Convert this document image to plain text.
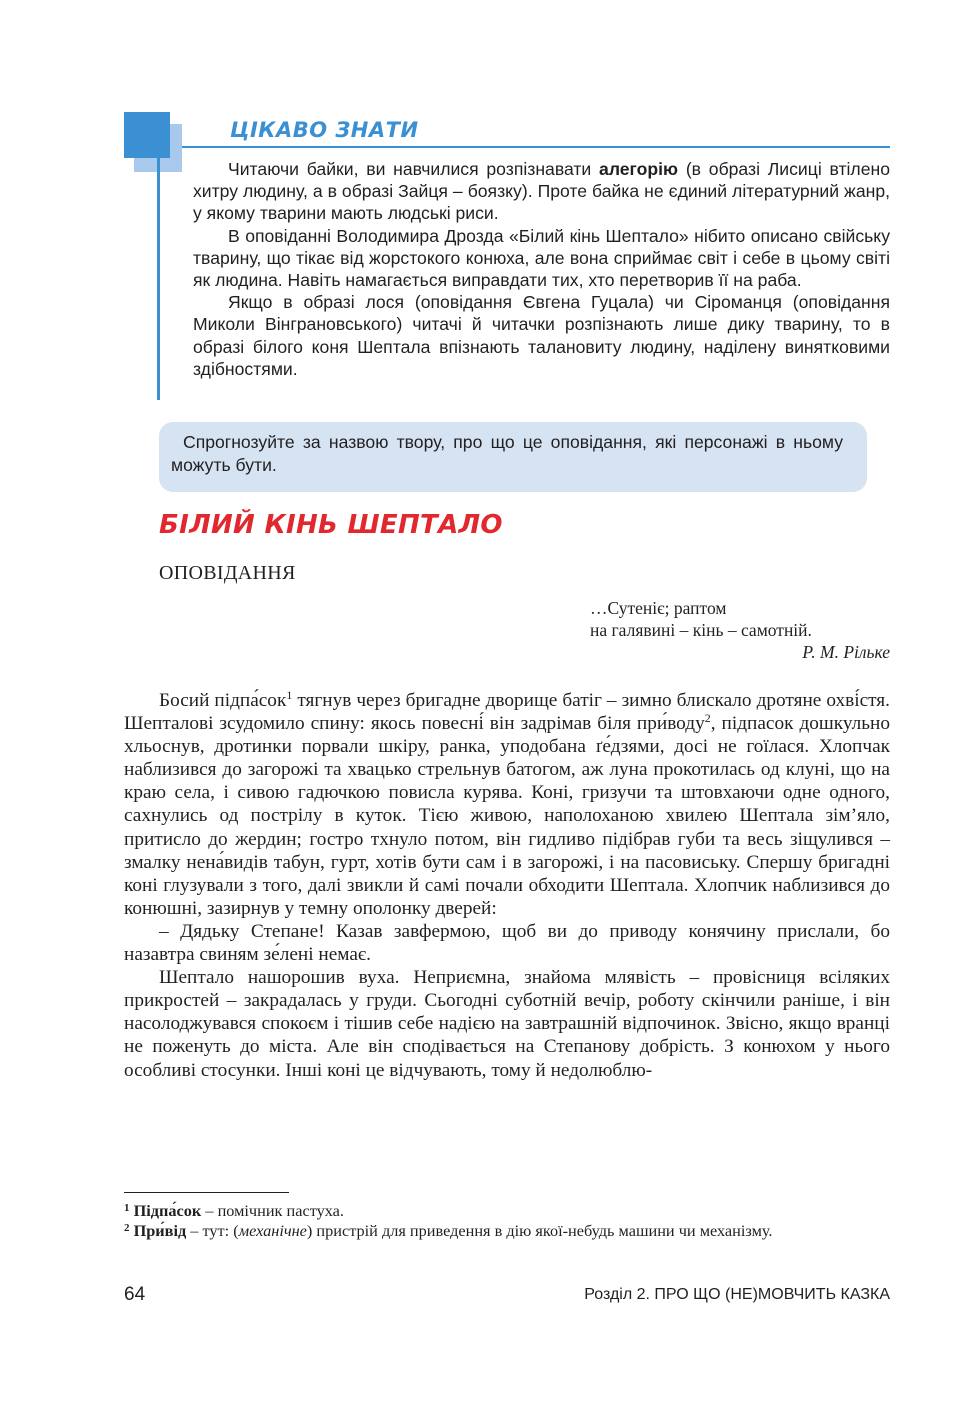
ЦІКАВО ЗНАТИ

Читаючи байки, ви навчилися розпізнавати алегорію (в образі Лисиці втілено хитру людину, а в образі Зайця – боязку). Проте байка не єдиний літературний жанр, у якому тварини мають людські риси.

В оповіданні Володимира Дрозда «Білий кінь Шептало» нібито описано свійську тварину, що тікає від жорстокого конюха, але вона сприймає світ і себе в цьому світі як людина. Навіть намагається виправдати тих, хто перетворив її на раба.

Якщо в образі лося (оповідання Євгена Гуцала) чи Сіроманця (оповідання Миколи Вінграновського) читачі й читачки розпізнають лише дику тварину, то в образі білого коня Шептала впізнають талановиту людину, наділену винятковими здібностями.

Спрогнозуйте за назвою твору, про що це оповідання, які персонажі в ньому можуть бути.
БІЛИЙ КІНЬ ШЕПТАЛО
ОПОВІДАННЯ
…Сутеніє; раптом
на галявині – кінь – самотній.
Р. М. Рільке

Босий підпа́сок$^1$ тягнув через бригадне дворище батіг – зимно блискало дротяне охві́стя. Шепталові зсудомило спину: якось повесні́ він задрімав біля при́воду$^2$, підпасок дошкульно хльоснув, дротинки порвали шкіру, ранка, уподобана ґе́дзями, досі не гоїлася. Хлопчак наблизився до загорожі та хвацько стрельнув батогом, аж луна прокотилась од клуні, що на краю села, і сивою гадючкою повисла курява. Коні, гризучи та штовхаючи одне одного, сахнулись од пострілу в куток. Тією живою, наполоханою хвилею Шептала зім’яло, притисло до жердин; гостро тхнуло потом, він гидливо підібрав губи та весь зіщулився – змалку нена́видів табун, гурт, хотів бути сам і в загорожі, і на пасовиську. Спершу бригадні коні глузували з того, далі звикли й самі почали обходити Шептала. Хлопчик наблизився до конюшні, зазирнув у темну ополонку дверей:

– Дядьку Степане! Казав завфермою, щоб ви до приводу конячину прислали, бо назавтра свиням зе́лені немає.

Шептало нашорошив вуха. Неприємна, знайома млявість – провісниця всіляких прикростей – закрадалась у груди. Сьогодні суботній вечір, роботу скінчили раніше, і він насолоджувався спокоєм і тішив себе надією на завтрашній відпочинок. Звісно, якщо вранці не поженуть до міста. Але він сподівається на Степанову добрість. З конюхом у нього особливі стосунки. Інші коні це відчувають, тому й недолюблю-

$^1$ Підпа́сок – помічник пастуха.
$^2$ При́від – тут: (механічне) пристрій для приведення в дію якої-небудь машини чи механізму.
64	Розділ 2. ПРО ЩО (НЕ)МОВЧИТЬ КАЗКА
